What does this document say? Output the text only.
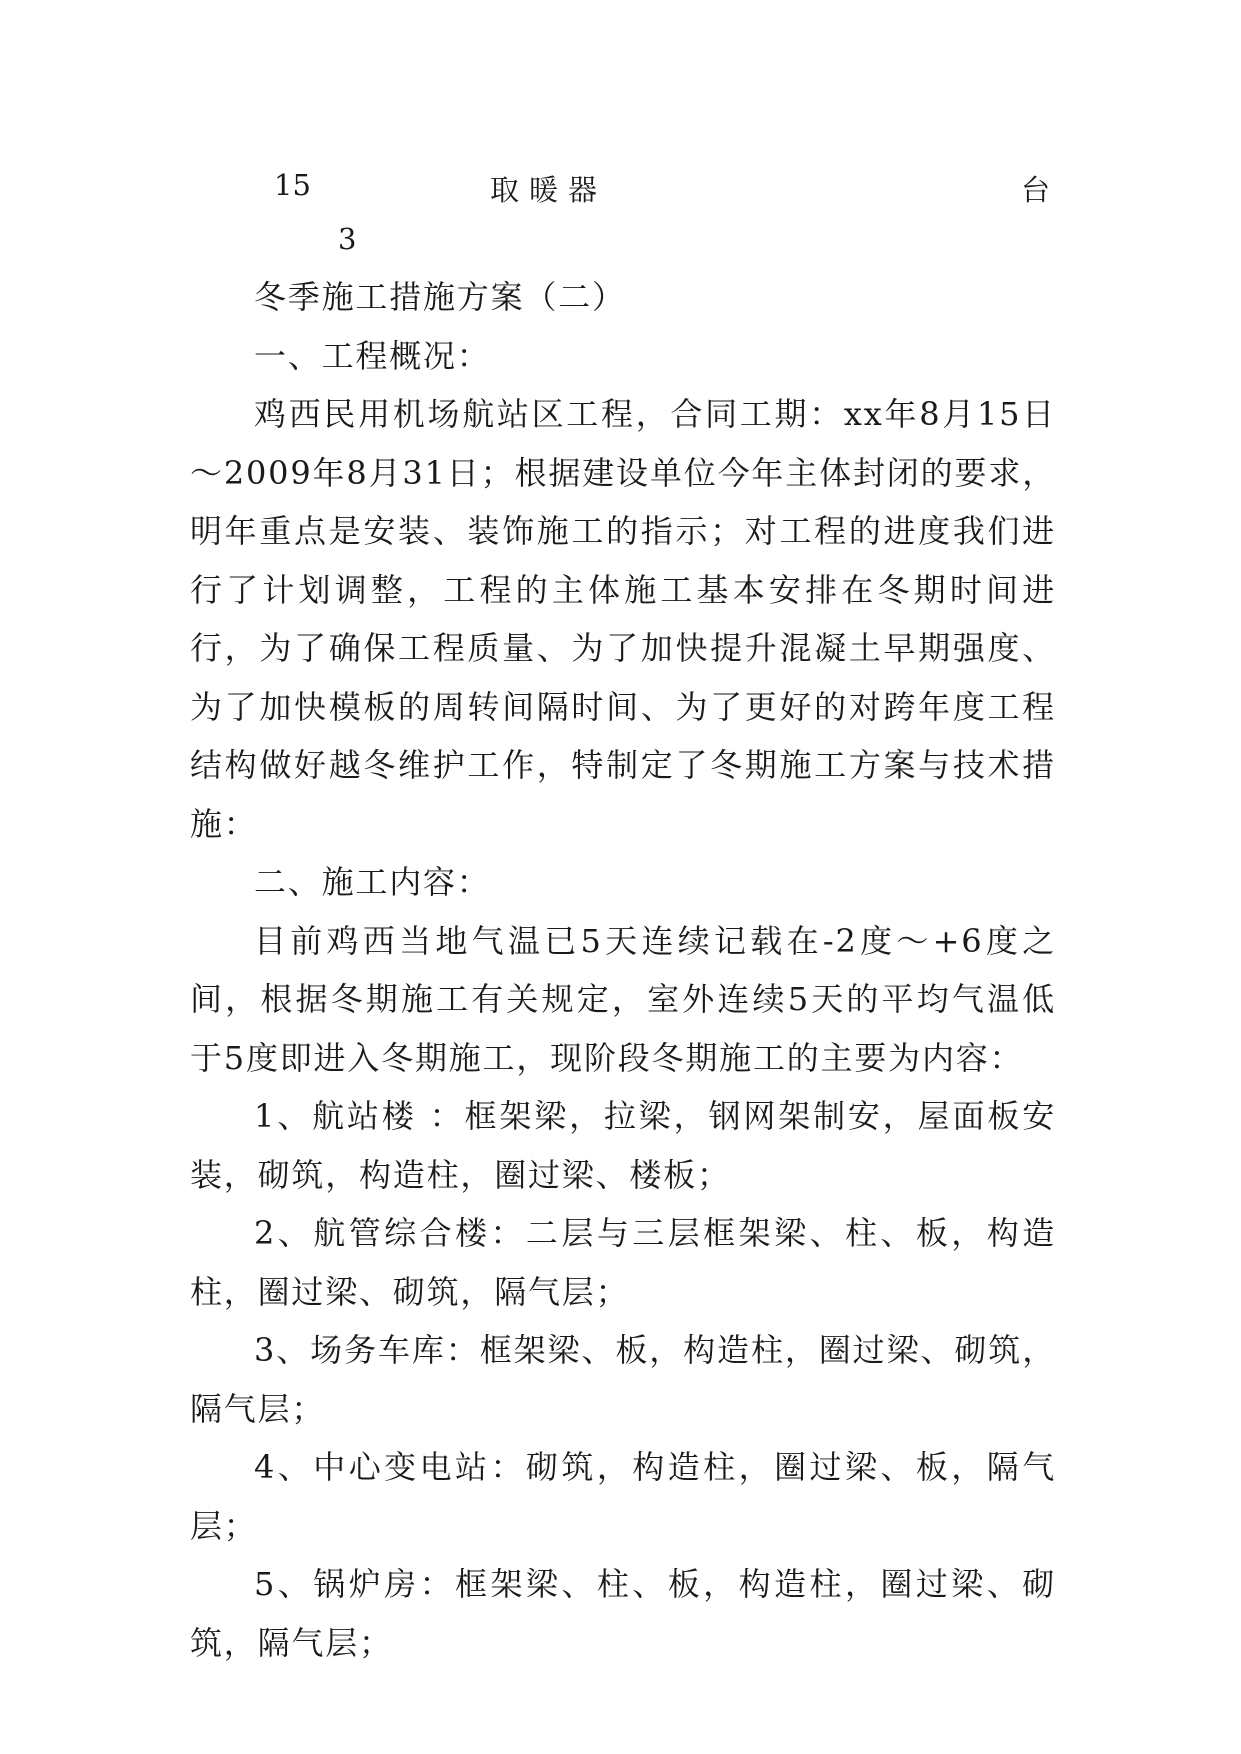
15	取暖器	台
3

冬季施工措施方案（二）

一、工程概况：

鸡西民用机场航站区工程，合同工期：xx年8月15日～2009年8月31日；根据建设单位今年主体封闭的要求，明年重点是安装、装饰施工的指示；对工程的进度我们进行了计划调整，工程的主体施工基本安排在冬期时间进行，为了确保工程质量、为了加快提升混凝土早期强度、为了加快模板的周转间隔时间、为了更好的对跨年度工程结构做好越冬维护工作，特制定了冬期施工方案与技术措施：

二、施工内容：

目前鸡西当地气温已5天连续记载在-2度～+6度之间，根据冬期施工有关规定，室外连续5天的平均气温低于5度即进入冬期施工，现阶段冬期施工的主要为内容：

1、航站楼 ：框架梁，拉梁，钢网架制安，屋面板安装，砌筑，构造柱，圈过梁、楼板；

2、航管综合楼：二层与三层框架梁、柱、板，构造柱，圈过梁、砌筑，隔气层；

3、场务车库：框架梁、板，构造柱，圈过梁、砌筑，隔气层；

4、中心变电站：砌筑，构造柱，圈过梁、板，隔气层；

5、锅炉房：框架梁、柱、板，构造柱，圈过梁、砌筑，隔气层；
